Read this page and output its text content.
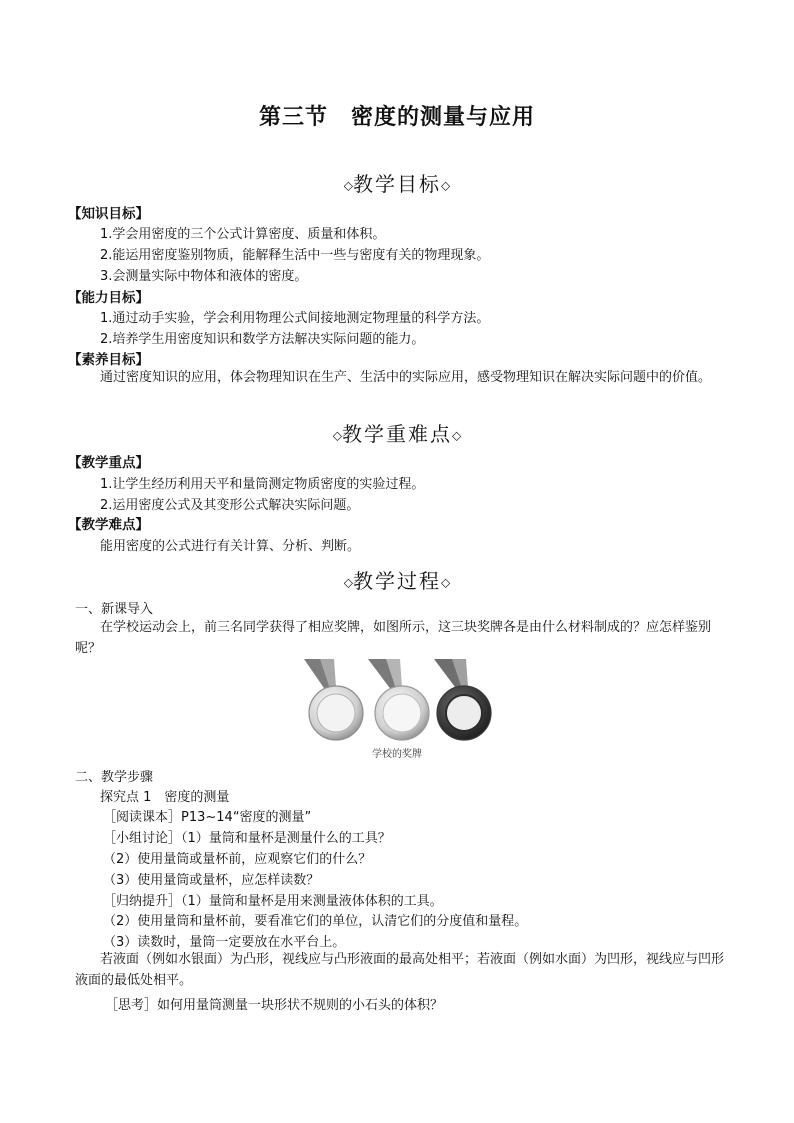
第三节　密度的测量与应用
◇教学目标◇
【知识目标】
1.学会用密度的三个公式计算密度、质量和体积。
2.能运用密度鉴别物质，能解释生活中一些与密度有关的物理现象。
3.会测量实际中物体和液体的密度。
【能力目标】
1.通过动手实验，学会利用物理公式间接地测定物理量的科学方法。
2.培养学生用密度知识和数学方法解决实际问题的能力。
【素养目标】
通过密度知识的应用，体会物理知识在生产、生活中的实际应用，感受物理知识在解决实际问题中的价值。
◇教学重难点◇
【教学重点】
1.让学生经历利用天平和量筒测定物质密度的实验过程。
2.运用密度公式及其变形公式解决实际问题。
【教学难点】
能用密度的公式进行有关计算、分析、判断。
◇教学过程◇
一、新课导入
在学校运动会上，前三名同学获得了相应奖牌，如图所示，这三块奖牌各是由什么材料制成的？应怎样鉴别呢？
学校的奖牌
二、教学步骤
探究点 1　密度的测量
［阅读课本］P13~14“密度的测量”
［小组讨论］（1）量筒和量杯是测量什么的工具？
（2）使用量筒或量杯前，应观察它们的什么？
（3）使用量筒或量杯，应怎样读数？
［归纳提升］（1）量筒和量杯是用来测量液体体积的工具。
（2）使用量筒和量杯前，要看准它们的单位，认清它们的分度值和量程。
（3）读数时，量筒一定要放在水平台上。
若液面（例如水银面）为凸形，视线应与凸形液面的最高处相平；若液面（例如水面）为凹形，视线应与凹形液面的最低处相平。
［思考］如何用量筒测量一块形状不规则的小石头的体积？
